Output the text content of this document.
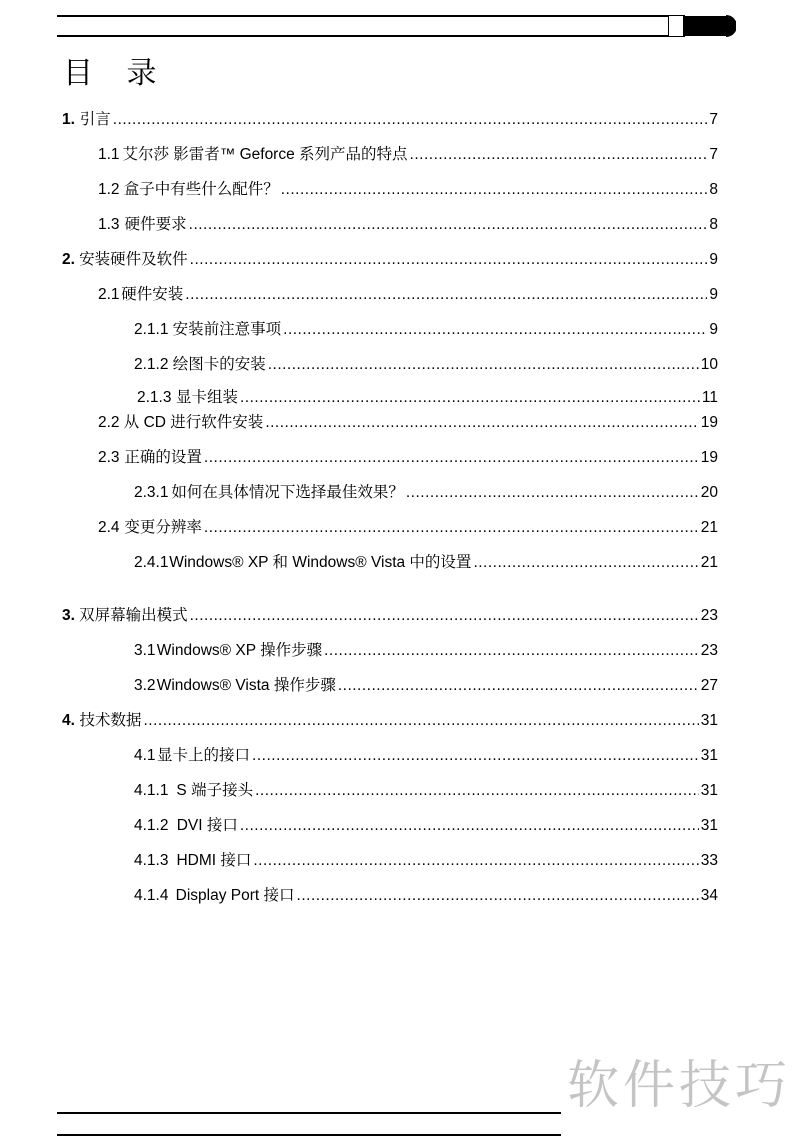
目 录
1. 引言 .....	7
1.1 艾尔莎 影雷者™ Geforce 系列产品的特点 .....	7
1.2 盒子中有些什么配件？ .....	8
1.3 硬件要求 .....	8
2. 安装硬件及软件 .....	9
2.1 硬件安装 .....	9
2.1.1 安装前注意事项 .....	9
2.1.2 绘图卡的安装 .....	10
2.1.3 显卡组装 .....	11
2.2 从 CD 进行软件安装 .....	19
2.3 正确的设置 .....	19
2.3.1 如何在具体情况下选择最佳效果？ .....	20
2.4 变更分辨率 .....	21
2.4.1 Windows® XP 和 Windows® Vista 中的设置 .....	21
3. 双屏幕输出模式 .....	23
3.1 Windows® XP 操作步骤 .....	23
3.2 Windows® Vista 操作步骤 .....	27
4. 技术数据 .....	31
4.1 显卡上的接口 .....	31
4.1.1 S 端子接头 .....	31
4.1.2 DVI 接口 .....	31
4.1.3 HDMI 接口 .....	33
4.1.4 Display Port 接口 .....	34
软件技巧
